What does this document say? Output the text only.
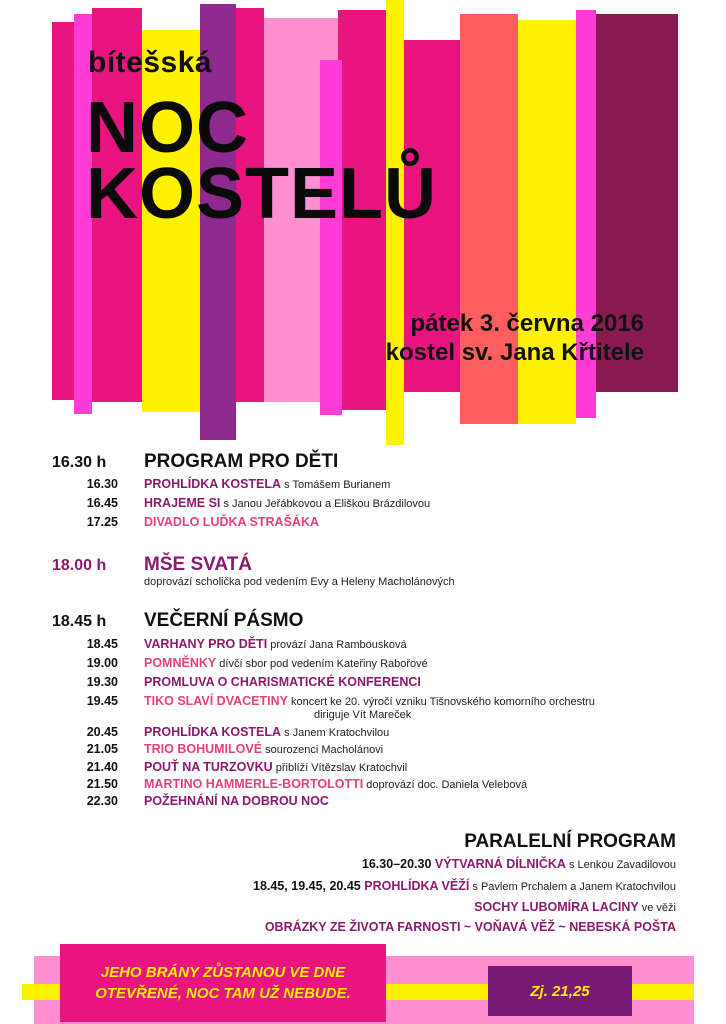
bítešská
NOC
KOSTELŮ
pátek 3. června 2016
kostel sv. Jana Křtitele
16.30 h PROGRAM PRO DĚTI
16.30 PROHLÍDKA KOSTELA s Tomášem Burianem
16.45 HRAJEME SI s Janou Jeřábkovou a Eliškou Brázdilovou
17.25 DIVADLO LUĎKA STRAŠÁKA
18.00 h MŠE SVATÁ
doprovází scholička pod vedením Evy a Heleny Macholánových
18.45 h VEČERNÍ PÁSMO
18.45 VARHANY PRO DĚTI provází Jana Rambousková
19.00 POMNĚNKY dívčí sbor pod vedením Kateřiny Rabořové
19.30 PROMLUVA O CHARISMATICKÉ KONFERENCI
19.45 TIKO SLAVÍ DVACETINY koncert ke 20. výročí vzniku Tišnovského komorního orchestru
diriguje Vít Mareček
20.45 PROHLÍDKA KOSTELA s Janem Kratochvilou
21.05 TRIO BOHUMILOVÉ sourozenci Macholánovi
21.40 POUŤ NA TURZOVKU přiblíží Vítězslav Kratochvil
21.50 MARTINO HAMMERLE-BORTOLOTTI doprovází doc. Daniela Velebová
22.30 POŽEHNÁNÍ NA DOBROU NOC
PARALELNÍ PROGRAM
16.30–20.30 VÝTVARNÁ DÍLNIČKA s Lenkou Zavadilovou
18.45, 19.45, 20.45 PROHLÍDKA VĚŽÍ s Pavlem Prchalem a Janem Kratochvilou
SOCHY LUBOMÍRA LACINY ve věži
OBRÁZKY ZE ŽIVOTA FARNOSTI ~ VOŇAVÁ VĚŽ ~ NEBESKÁ POŠTA
JEHO BRÁNY ZŮSTANOU VE DNE
OTEVŘENÉ, NOC TAM UŽ NEBUDE.	Zj. 21,25
